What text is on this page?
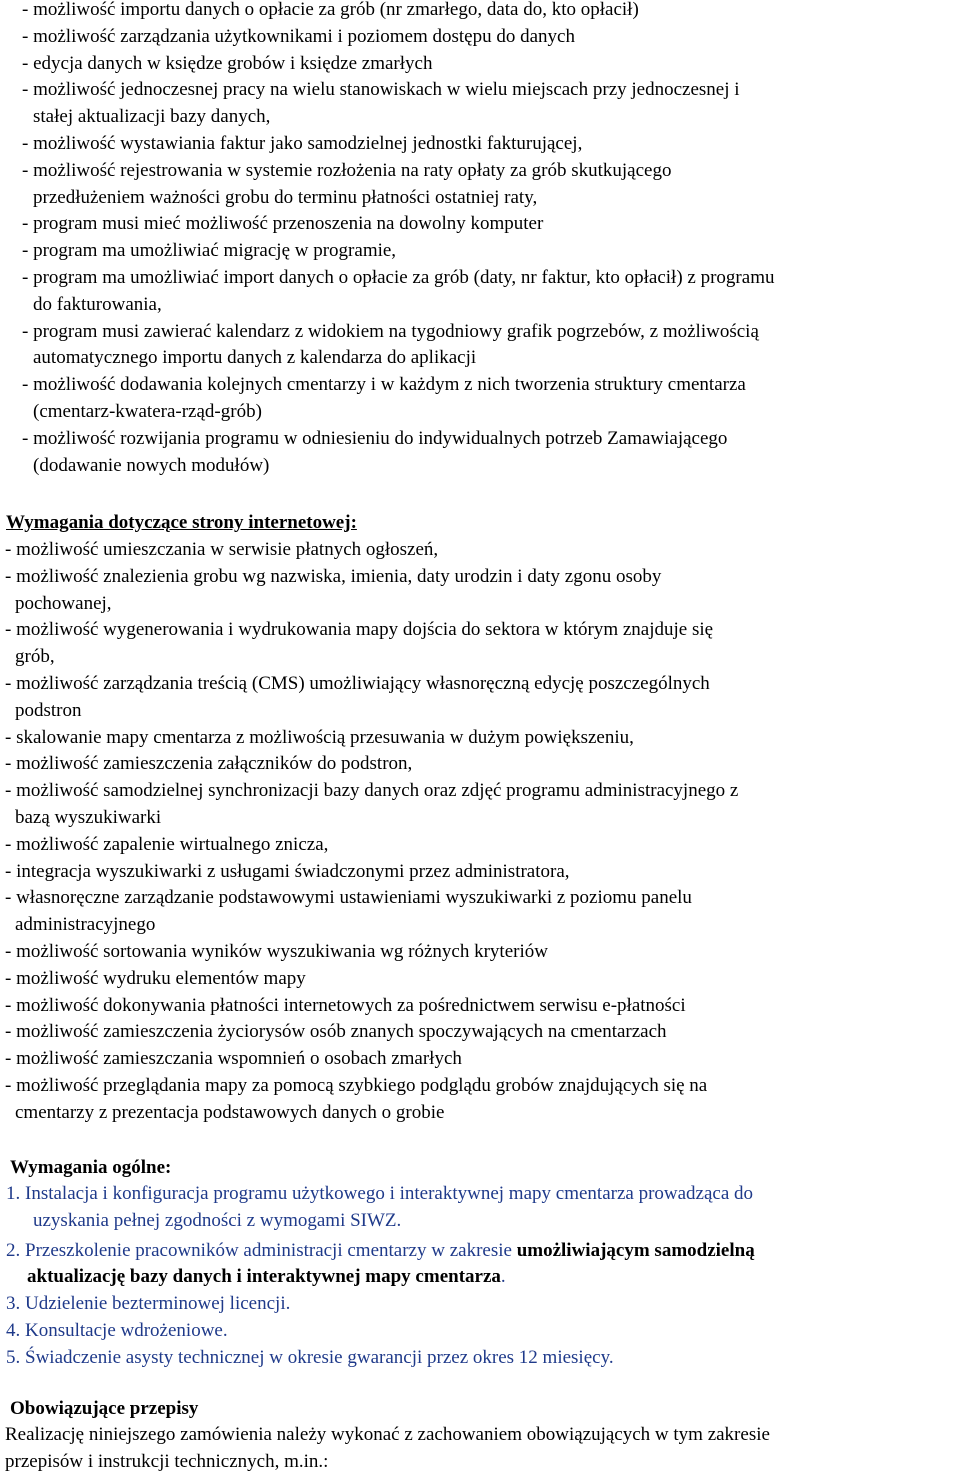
- możliwość importu danych o opłacie za grób (nr zmarłego, data do, kto opłacił)
- możliwość zarządzania użytkownikami i poziomem dostępu do danych
- edycja danych w księdze grobów i księdze zmarłych
- możliwość jednoczesnej pracy na wielu stanowiskach w wielu miejscach przy jednoczesnej i
stałej aktualizacji bazy danych,
- możliwość wystawiania faktur jako samodzielnej jednostki fakturującej,
- możliwość rejestrowania w systemie rozłożenia na raty opłaty za grób skutkującego
przedłużeniem ważności grobu do terminu płatności ostatniej raty,
- program musi mieć możliwość przenoszenia na dowolny komputer
- program ma umożliwiać migrację w programie,
- program ma umożliwiać import danych o opłacie za grób (daty, nr faktur, kto opłacił) z programu
do fakturowania,
- program musi zawierać kalendarz z widokiem na tygodniowy grafik pogrzebów, z możliwością
automatycznego importu danych z kalendarza do aplikacji
- możliwość dodawania kolejnych cmentarzy i w każdym z nich tworzenia struktury cmentarza
(cmentarz-kwatera-rząd-grób)
- możliwość rozwijania programu w odniesieniu do indywidualnych potrzeb Zamawiającego
(dodawanie nowych modułów)
Wymagania dotyczące strony internetowej:
- możliwość umieszczania w serwisie płatnych ogłoszeń,
- możliwość znalezienia grobu wg nazwiska, imienia, daty urodzin i daty zgonu osoby
pochowanej,
- możliwość wygenerowania i wydrukowania mapy dojścia do sektora w którym znajduje się
grób,
- możliwość zarządzania treścią (CMS) umożliwiający własnoręczną edycję poszczególnych
podstron
- skalowanie mapy cmentarza z możliwością przesuwania w dużym powiększeniu,
- możliwość zamieszczenia załączników do podstron,
- możliwość samodzielnej synchronizacji bazy danych oraz zdjęć programu administracyjnego z
bazą wyszukiwarki
- możliwość zapalenie wirtualnego znicza,
- integracja wyszukiwarki z usługami świadczonymi przez administratora,
- własnoręczne zarządzanie podstawowymi ustawieniami wyszukiwarki z poziomu panelu
administracyjnego
- możliwość sortowania wyników wyszukiwania wg różnych kryteriów
- możliwość wydruku elementów mapy
- możliwość dokonywania płatności internetowych za pośrednictwem serwisu e-płatności
- możliwość zamieszczenia życiorysów osób znanych spoczywających na cmentarzach
- możliwość zamieszczania wspomnień o osobach zmarłych
- możliwość przeglądania mapy za pomocą szybkiego podglądu grobów znajdujących się na
cmentarzy z prezentacja podstawowych danych o grobie
Wymagania ogólne:
1. Instalacja i konfiguracja programu użytkowego i interaktywnej mapy cmentarza prowadząca do
uzyskania pełnej zgodności z wymogami SIWZ.
2. Przeszkolenie pracowników administracji cmentarzy w zakresie umożliwiającym samodzielną
aktualizację bazy danych i interaktywnej mapy cmentarza.
3. Udzielenie bezterminowej licencji.
4. Konsultacje wdrożeniowe.
5. Świadczenie asysty technicznej w okresie gwarancji przez okres 12 miesięcy.
Obowiązujące przepisy
Realizację niniejszego zamówienia należy wykonać z zachowaniem obowiązujących w tym zakresie
przepisów i instrukcji technicznych, m.in.:
